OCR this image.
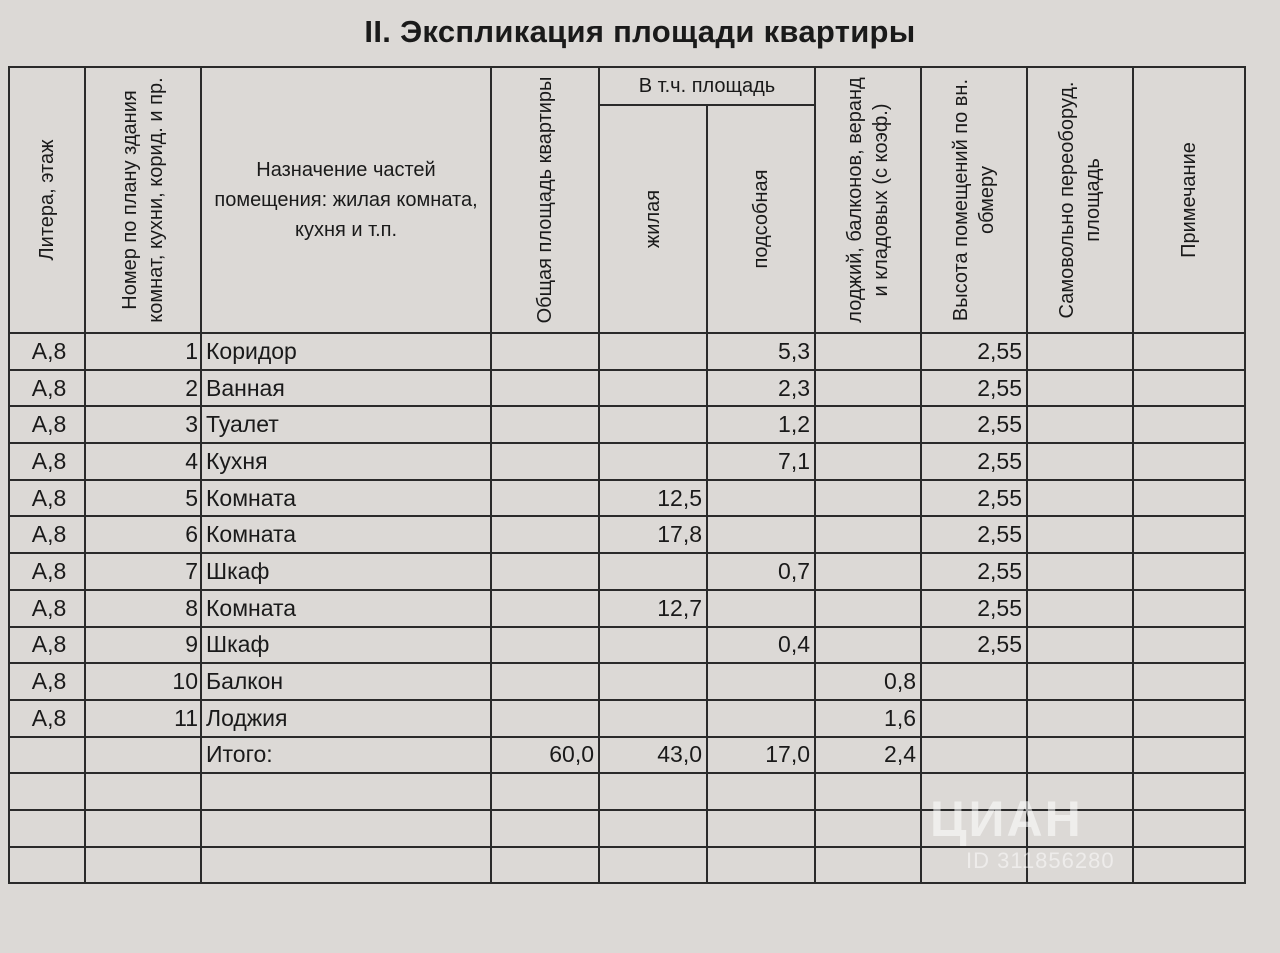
II. Экспликация площади квартиры
Литера, этаж	Номер по плану здания комнат, кухни, корид. и пр.	Назначение частей помещения: жилая комната, кухня и т.п.	Общая площадь квартиры	В т.ч. площадь		лоджий, балконов, веранд и кладовых (с коэф.)	Высота помещений по вн. обмеру	Самовольно переоборуд. площадь	Примечание

				жилая	подсобная				

А,8	1	Коридор			5,3		2,55		
А,8	2	Ванная			2,3		2,55		
А,8	3	Туалет			1,2		2,55		
А,8	4	Кухня			7,1		2,55		
А,8	5	Комната		12,5			2,55		
А,8	6	Комната		17,8			2,55		
А,8	7	Шкаф			0,7		2,55		
А,8	8	Комната		12,7			2,55		
А,8	9	Шкаф			0,4		2,55		
А,8	10	Балкон				0,8			
А,8	11	Лоджия				1,6			
		Итого:	60,0	43,0	17,0	2,4			

ЦИАН
ID 311856280
